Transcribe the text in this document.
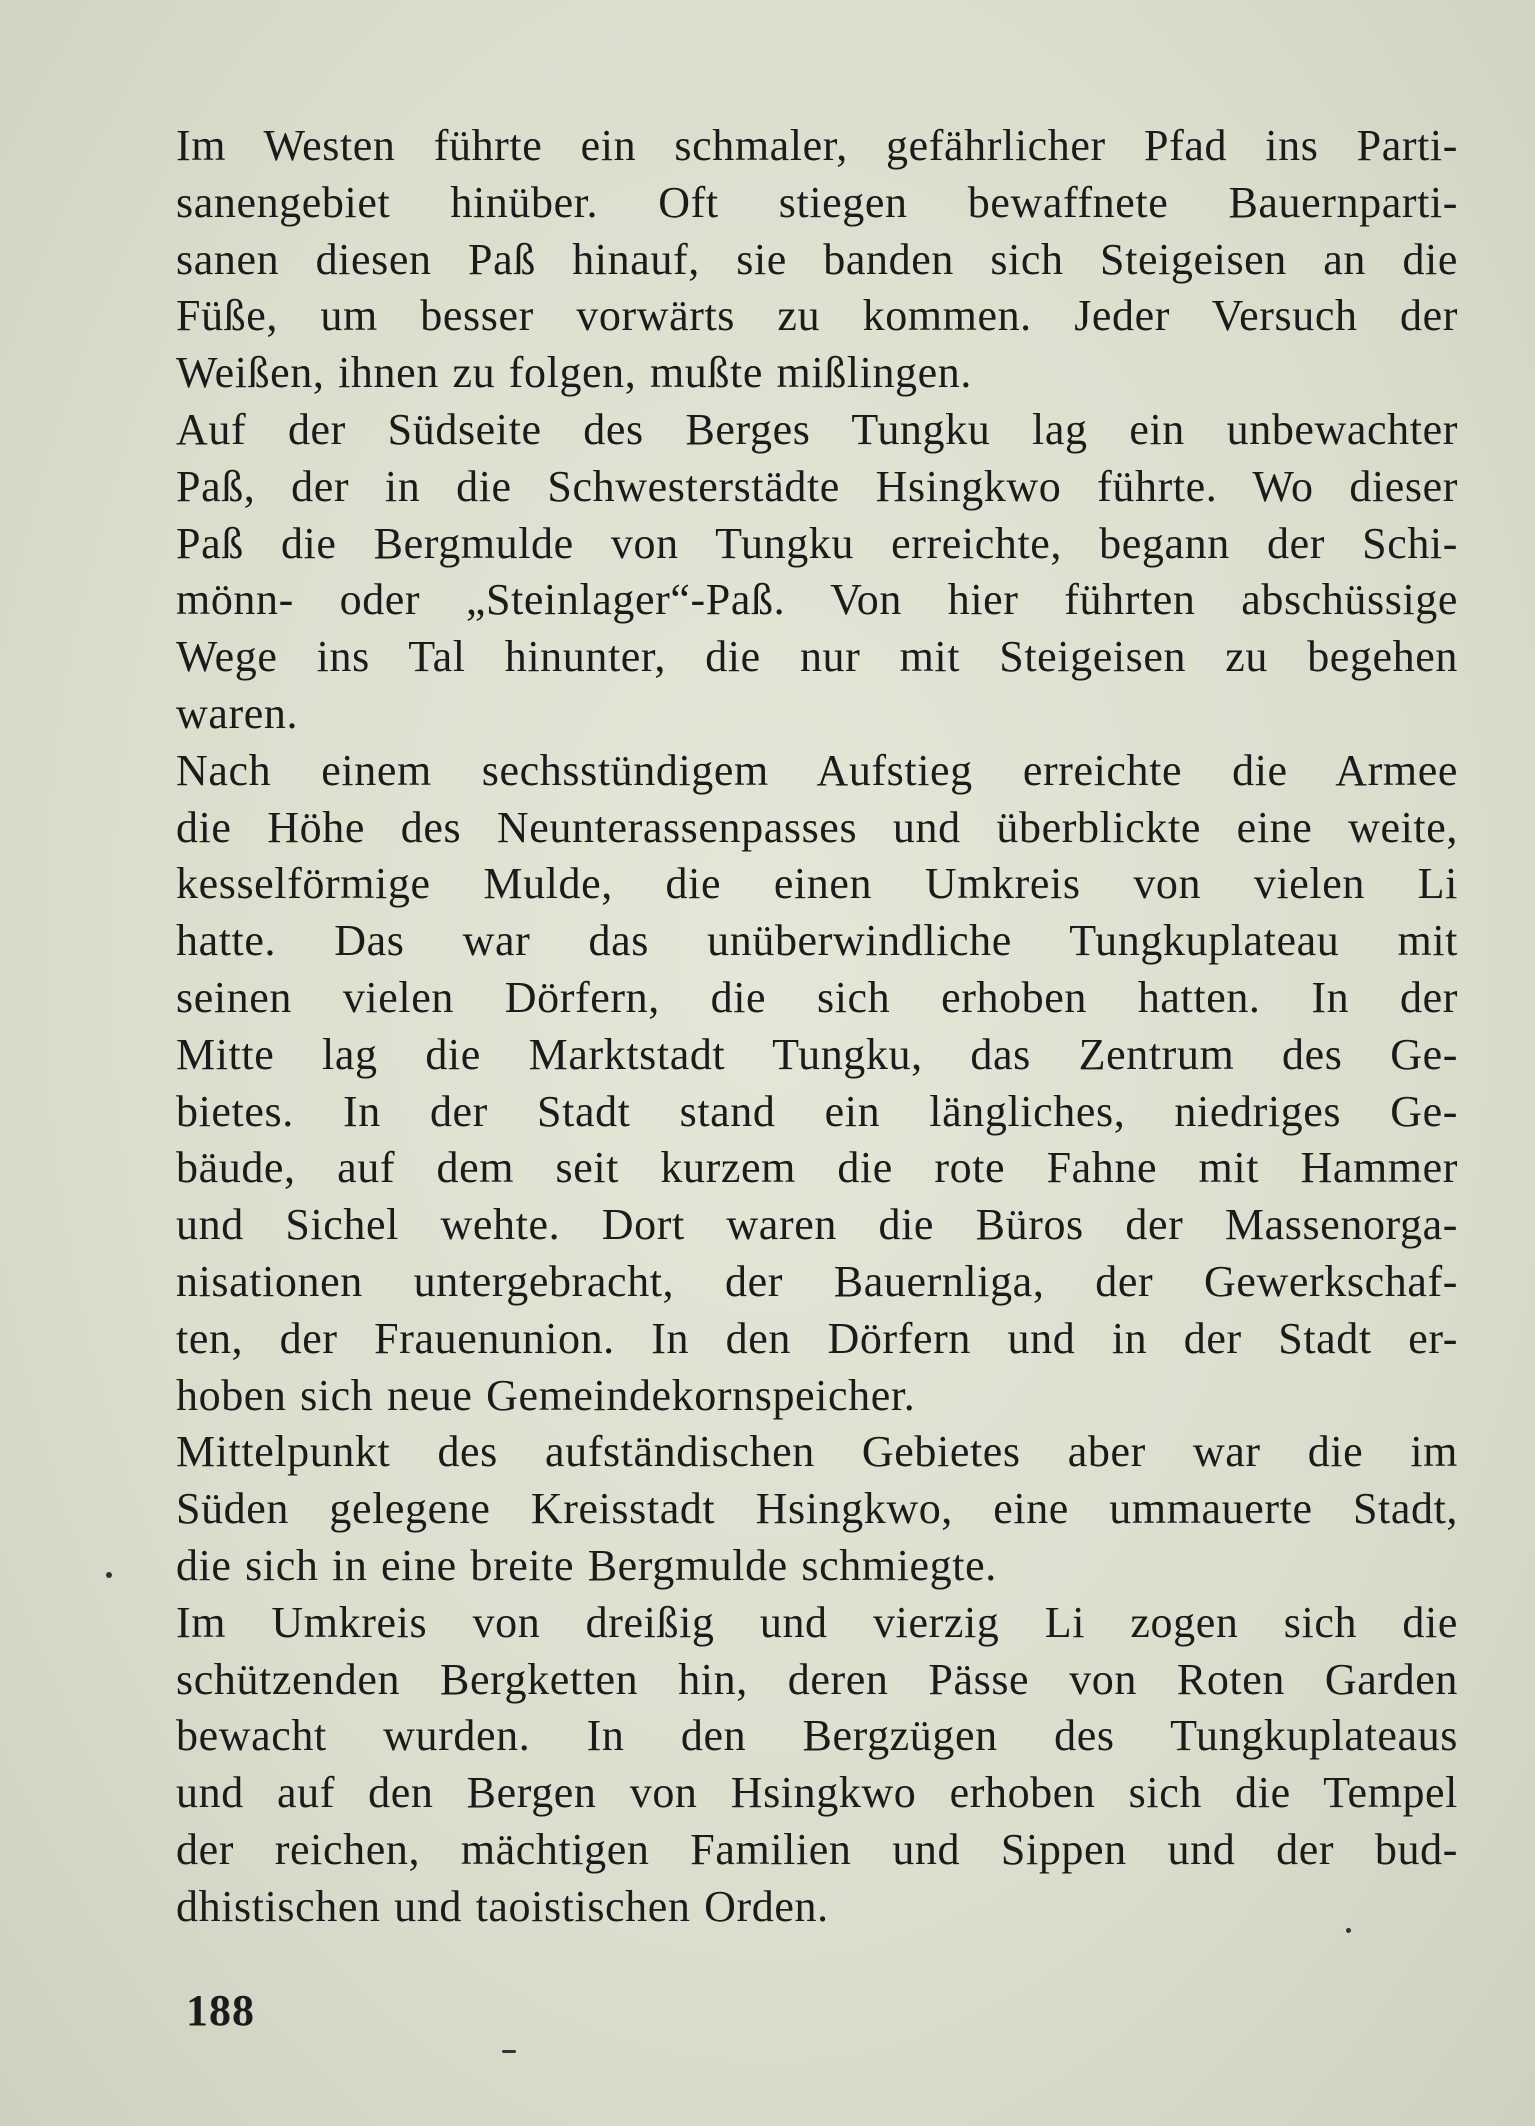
Im Westen führte ein schmaler, gefährlicher Pfad ins Parti-
sanengebiet hinüber. Oft stiegen bewaffnete Bauernparti-
sanen diesen Paß hinauf, sie banden sich Steigeisen an die
Füße, um besser vorwärts zu kommen. Jeder Versuch der
Weißen, ihnen zu folgen, mußte mißlingen.
Auf der Südseite des Berges Tungku lag ein unbewachter
Paß, der in die Schwesterstädte Hsingkwo führte. Wo dieser
Paß die Bergmulde von Tungku erreichte, begann der Schi-
mönn- oder „Steinlager“-Paß. Von hier führten abschüssige
Wege ins Tal hinunter, die nur mit Steigeisen zu begehen
waren.
Nach einem sechsstündigem Aufstieg erreichte die Armee
die Höhe des Neunterassenpasses und überblickte eine weite,
kesselförmige Mulde, die einen Umkreis von vielen Li
hatte. Das war das unüberwindliche Tungkuplateau mit
seinen vielen Dörfern, die sich erhoben hatten. In der
Mitte lag die Marktstadt Tungku, das Zentrum des Ge-
bietes. In der Stadt stand ein längliches, niedriges Ge-
bäude, auf dem seit kurzem die rote Fahne mit Hammer
und Sichel wehte. Dort waren die Büros der Massenorga-
nisationen untergebracht, der Bauernliga, der Gewerkschaf-
ten, der Frauenunion. In den Dörfern und in der Stadt er-
hoben sich neue Gemeindekornspeicher.
Mittelpunkt des aufständischen Gebietes aber war die im
Süden gelegene Kreisstadt Hsingkwo, eine ummauerte Stadt,
die sich in eine breite Bergmulde schmiegte.
Im Umkreis von dreißig und vierzig Li zogen sich die
schützenden Bergketten hin, deren Pässe von Roten Garden
bewacht wurden. In den Bergzügen des Tungkuplateaus
und auf den Bergen von Hsingkwo erhoben sich die Tempel
der reichen, mächtigen Familien und Sippen und der bud-
dhistischen und taoistischen Orden.
188
